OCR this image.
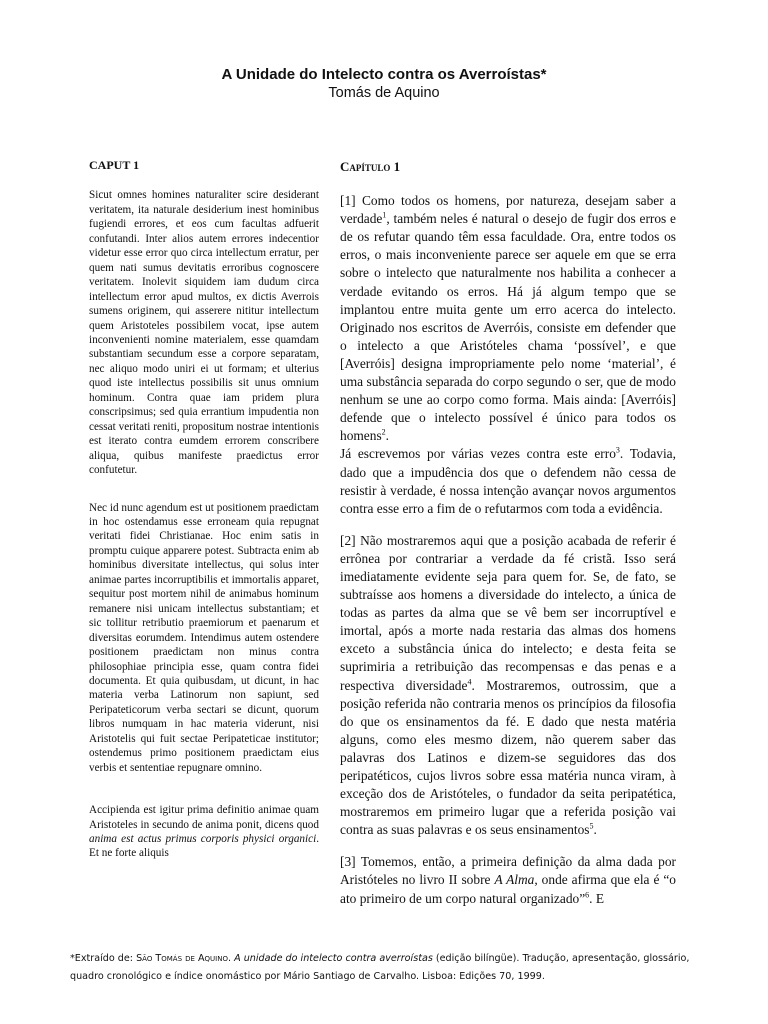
A Unidade do Intelecto contra os Averroístas*
Tomás de Aquino
CAPUT 1

Sicut omnes homines naturaliter scire desiderant veritatem, ita naturale desiderium inest hominibus fugiendi errores, et eos cum facultas adfuerit confutandi. Inter alios autem errores indecentior videtur esse error quo circa intellectum erratur, per quem nati sumus devitatis erroribus cognoscere veritatem. Inolevit siquidem iam dudum circa intellectum error apud multos, ex dictis Averrois sumens originem, qui asserere nititur intellectum quem Aristoteles possibilem vocat, ipse autem inconvenienti nomine materialem, esse quamdam substantiam secundum esse a corpore separatam, nec aliquo modo uniri ei ut formam; et ulterius quod iste intellectus possibilis sit unus omnium hominum. Contra quae iam pridem plura conscripsimus; sed quia errantium impudentia non cessat veritati reniti, propositum nostrae intentionis est iterato contra eumdem errorem conscribere aliqua, quibus manifeste praedictus error confutetur.

Nec id nunc agendum est ut positionem praedictam in hoc ostendamus esse erroneam quia repugnat veritati fidei Christianae. Hoc enim satis in promptu cuique apparere potest. Subtracta enim ab hominibus diversitate intellectus, qui solus inter animae partes incorruptibilis et immortalis apparet, sequitur post mortem nihil de animabus hominum remanere nisi unicam intellectus substantiam; et sic tollitur retributio praemiorum et paenarum et diversitas eorumdem. Intendimus autem ostendere positionem praedictam non minus contra philosophiae principia esse, quam contra fidei documenta. Et quia quibusdam, ut dicunt, in hac materia verba Latinorum non sapiunt, sed Peripateticorum verba sectari se dicunt, quorum libros numquam in hac materia viderunt, nisi Aristotelis qui fuit sectae Peripateticae institutor; ostendemus primo positionem praedictam eius verbis et sententiae repugnare omnino.

Accipienda est igitur prima definitio animae quam Aristoteles in secundo de anima ponit, dicens quod anima est actus primus corporis physici organici. Et ne forte aliquis

Capítulo 1

[1] Como todos os homens, por natureza, desejam saber a verdade$^1$, também neles é natural o desejo de fugir dos erros e de os refutar quando têm essa faculdade. Ora, entre todos os erros, o mais inconveniente parece ser aquele em que se erra sobre o intelecto que naturalmente nos habilita a conhecer a verdade evitando os erros. Há já algum tempo que se implantou entre muita gente um erro acerca do intelecto. Originado nos escritos de Averróis, consiste em defender que o intelecto a que Aristóteles chama ‘possível’, e que [Averróis] designa impropriamente pelo nome ‘material’, é uma substância separada do corpo segundo o ser, que de modo nenhum se une ao corpo como forma. Mais ainda: [Averróis] defende que o intelecto possível é único para todos os homens$^2$.

Já escrevemos por várias vezes contra este erro$^3$. Todavia, dado que a impudência dos que o defendem não cessa de resistir à verdade, é nossa intenção avançar novos argumentos contra esse erro a fim de o refutarmos com toda a evidência.

[2] Não mostraremos aqui que a posição acabada de referir é errônea por contrariar a verdade da fé cristã. Isso será imediatamente evidente seja para quem for. Se, de fato, se subtraísse aos homens a diversidade do intelecto, a única de todas as partes da alma que se vê bem ser incorruptível e imortal, após a morte nada restaria das almas dos homens exceto a substância única do intelecto; e desta feita se suprimiria a retribuição das recompensas e das penas e a respectiva diversidade$^4$. Mostraremos, outrossim, que a posição referida não contraria menos os princípios da filosofia do que os ensinamentos da fé. E dado que nesta matéria alguns, como eles mesmo dizem, não querem saber das palavras dos Latinos e dizem-se seguidores das dos peripatéticos, cujos livros sobre essa matéria nunca viram, à exceção dos de Aristóteles, o fundador da seita peripatética, mostraremos em primeiro lugar que a referida posição vai contra as suas palavras e os seus ensinamentos$^5$.

[3] Tomemos, então, a primeira definição da alma dada por Aristóteles no livro II sobre A Alma, onde afirma que ela é “o ato primeiro de um corpo natural organizado”$^6$. E

*Extraído de: São Tomás de Aquino. A unidade do intelecto contra averroístas (edição bilíngüe). Tradução, apresentação, glossário, quadro cronológico e índice onomástico por Mário Santiago de Carvalho. Lisboa: Edições 70, 1999.
